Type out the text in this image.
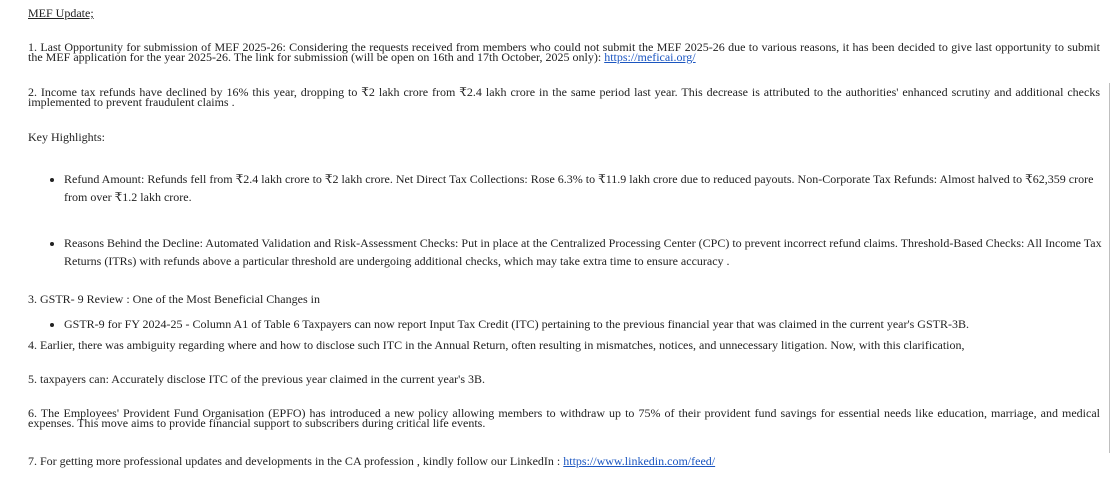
MEF Update;
1. Last Opportunity for submission of MEF 2025-26: Considering the requests received from members who could not submit the MEF 2025-26 due to various reasons, it has been decided to give last opportunity to submit the MEF application for the year 2025-26. The link for submission (will be open on 16th and 17th October, 2025 only): https://meficai.org/
2. Income tax refunds have declined by 16% this year, dropping to ₹2 lakh crore from ₹2.4 lakh crore in the same period last year. This decrease is attributed to the authorities' enhanced scrutiny and additional checks implemented to prevent fraudulent claims .
Key Highlights:
• Refund Amount: Refunds fell from ₹2.4 lakh crore to ₹2 lakh crore. Net Direct Tax Collections: Rose 6.3% to ₹11.9 lakh crore due to reduced payouts. Non-Corporate Tax Refunds: Almost halved to ₹62,359 crore from over ₹1.2 lakh crore.
• Reasons Behind the Decline: Automated Validation and Risk-Assessment Checks: Put in place at the Centralized Processing Center (CPC) to prevent incorrect refund claims. Threshold-Based Checks: All Income Tax Returns (ITRs) with refunds above a particular threshold are undergoing additional checks, which may take extra time to ensure accuracy .
3. GSTR- 9 Review : One of the Most Beneficial Changes in
• GSTR-9 for FY 2024-25 - Column A1 of Table 6 Taxpayers can now report Input Tax Credit (ITC) pertaining to the previous financial year that was claimed in the current year's GSTR-3B.
4. Earlier, there was ambiguity regarding where and how to disclose such ITC in the Annual Return, often resulting in mismatches, notices, and unnecessary litigation. Now, with this clarification,
5. taxpayers can: Accurately disclose ITC of the previous year claimed in the current year's 3B.
6. The Employees' Provident Fund Organisation (EPFO) has introduced a new policy allowing members to withdraw up to 75% of their provident fund savings for essential needs like education, marriage, and medical expenses. This move aims to provide financial support to subscribers during critical life events.
7. For getting more professional updates and developments in the CA profession , kindly follow our LinkedIn : https://www.linkedin.com/feed/
